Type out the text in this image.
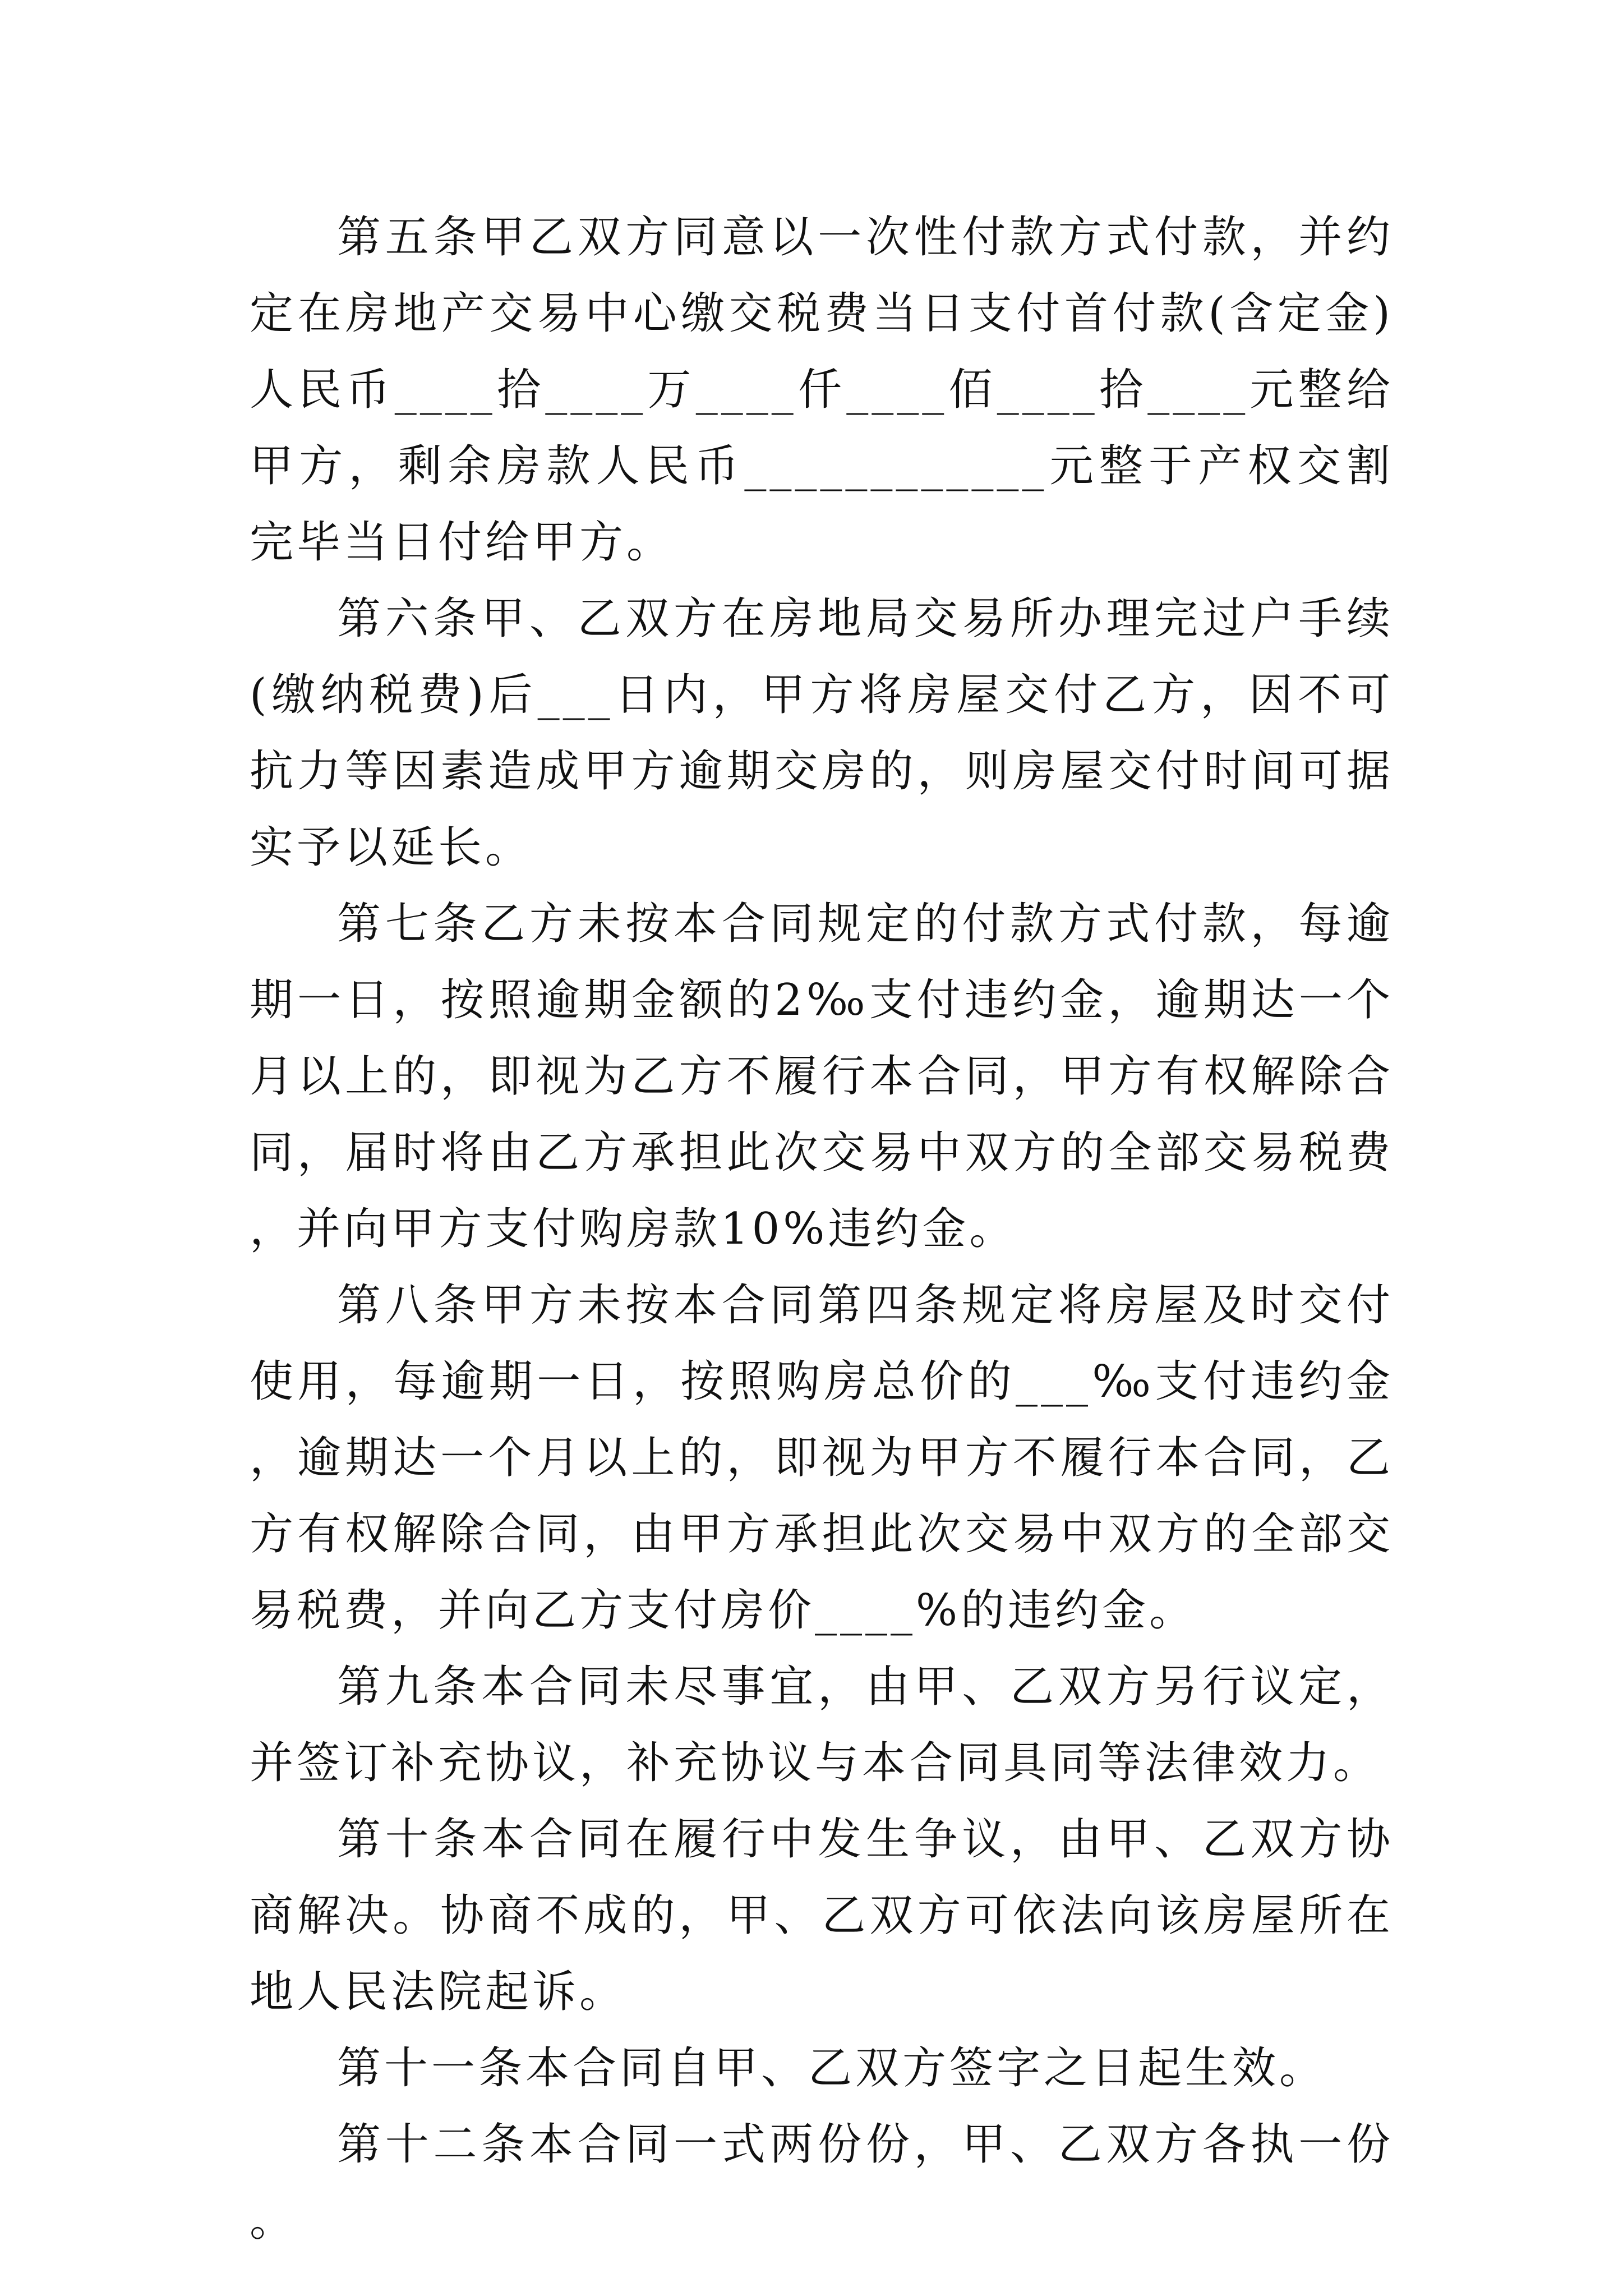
第五条甲乙双方同意以一次性付款方式付款，并约定在房地产交易中心缴交税费当日支付首付款(含定金)人民币____拾____万____仟____佰____拾____元整给甲方，剩余房款人民币____________元整于产权交割完毕当日付给甲方。

第六条甲、乙双方在房地局交易所办理完过户手续(缴纳税费)后___日内，甲方将房屋交付乙方，因不可抗力等因素造成甲方逾期交房的，则房屋交付时间可据实予以延长。

第七条乙方未按本合同规定的付款方式付款，每逾期一日，按照逾期金额的2‰支付违约金，逾期达一个月以上的，即视为乙方不履行本合同，甲方有权解除合同，届时将由乙方承担此次交易中双方的全部交易税费，并向甲方支付购房款10%违约金。

第八条甲方未按本合同第四条规定将房屋及时交付使用，每逾期一日，按照购房总价的___‰支付违约金，逾期达一个月以上的，即视为甲方不履行本合同，乙方有权解除合同，由甲方承担此次交易中双方的全部交易税费，并向乙方支付房价____%的违约金。

第九条本合同未尽事宜，由甲、乙双方另行议定，并签订补充协议，补充协议与本合同具同等法律效力。

第十条本合同在履行中发生争议，由甲、乙双方协商解决。协商不成的，甲、乙双方可依法向该房屋所在地人民法院起诉。

第十一条本合同自甲、乙双方签字之日起生效。

第十二条本合同一式两份份，甲、乙双方各执一份。
